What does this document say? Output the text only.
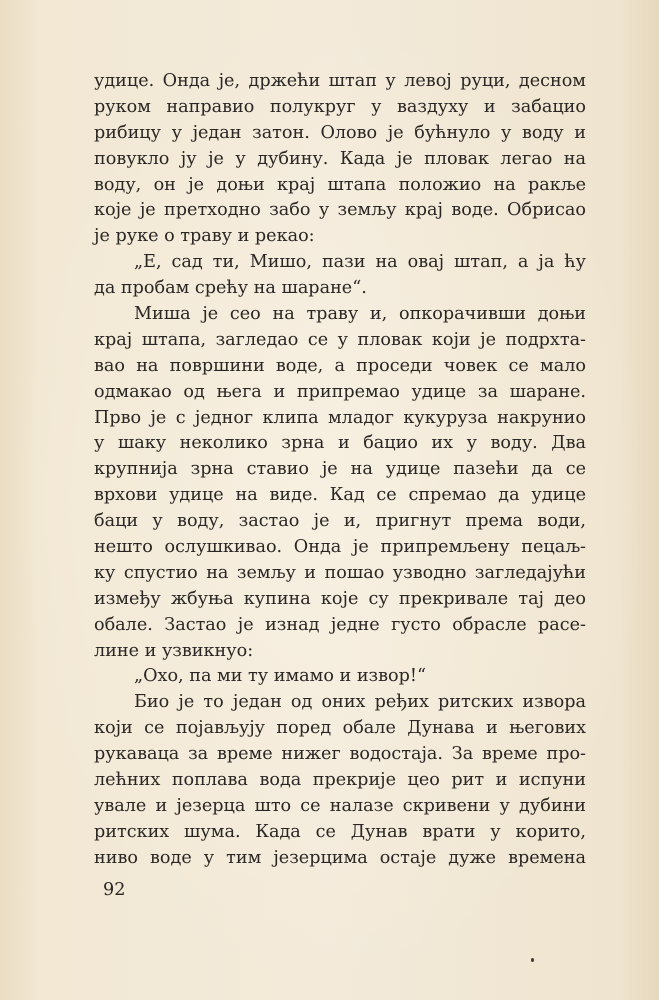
удице. Онда је, држећи штап у левој руци, десном
руком направио полукруг у ваздуху и забацио
рибицу у један затон. Олово је бућнуло у воду и
повукло ју је у дубину. Када је пловак легао на
воду, он је доњи крај штапа положио на ракље
које је претходно забо у земљу крај воде. Обрисао
је руке о траву и рекао:
„Е, сад ти, Мишо, пази на овај штап, а ја ћу
да пробам срећу на шаране“.
Миша је сео на траву и, опкорачивши доњи
крај штапа, загледао се у пловак који је подрхта-
вао на површини воде, а проседи човек се мало
одмакао од њега и припремао удице за шаране.
Прво је с једног клипа младог кукуруза накрунио
у шаку неколико зрна и бацио их у воду. Два
крупнија зрна ставио је на удице пазећи да се
врхови удице на виде. Кад се спремао да удице
баци у воду, застао је и, пригнут према води,
нешто ослушкивао. Онда је припремљену пецаљ-
ку спустио на земљу и пошао узводно загледајући
између жбуња купина које су прекривале тај део
обале. Застао је изнад једне густо обрасле расе-
лине и узвикнуо:
„Охо, па ми ту имамо и извор!“
Био је то један од оних ређих ритских извора
који се појављују поред обале Дунава и његових
рукаваца за време нижег водостаја. За време про-
лећних поплава вода прекрије цео рит и испуни
увале и језерца што се налазе скривени у дубини
ритских шума. Када се Дунав врати у корито,
ниво воде у тим језерцима остаје дуже времена
92
